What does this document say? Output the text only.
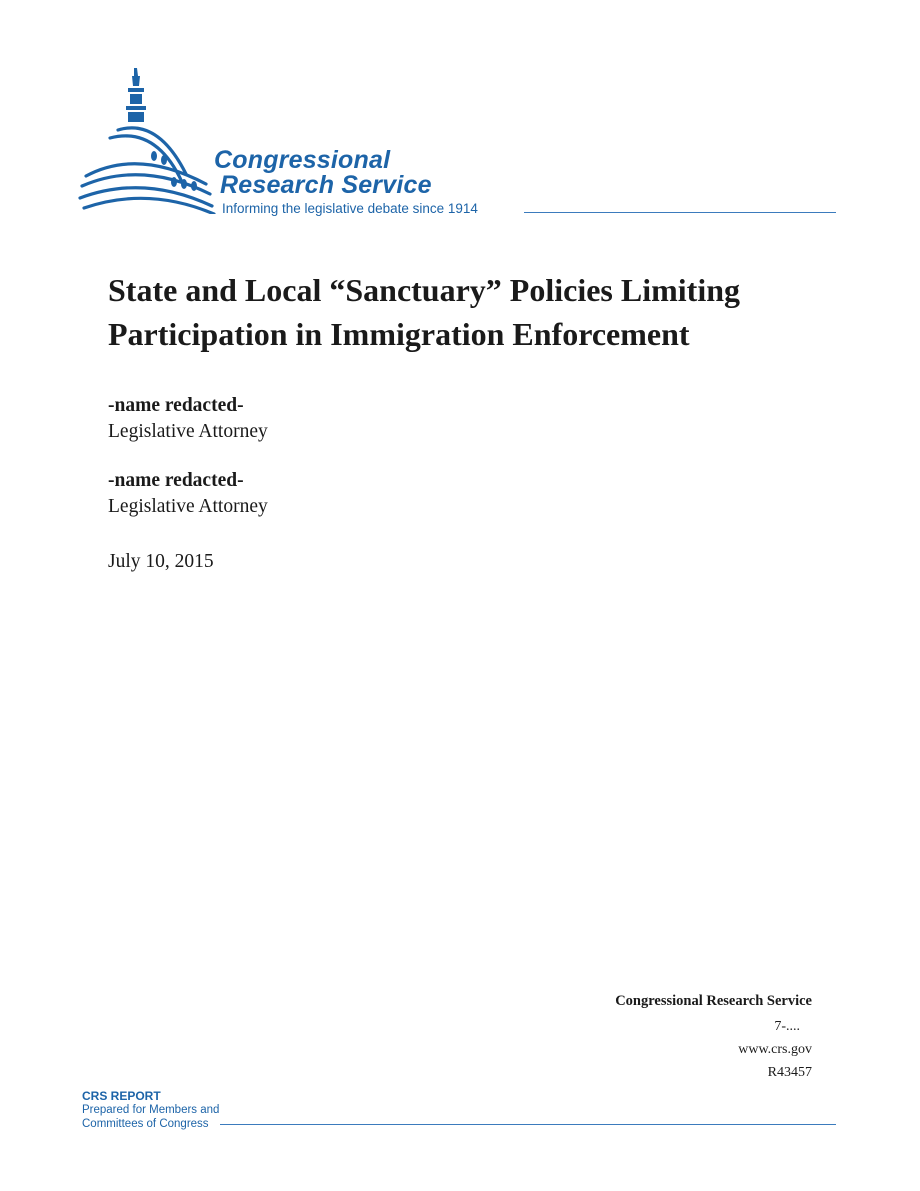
Congressional
Research Service
Informing the legislative debate since 1914
State and Local “Sanctuary” Policies Limiting Participation in Immigration Enforcement
-name redacted-
Legislative Attorney
-name redacted-
Legislative Attorney
July 10, 2015
Congressional Research Service
7-....
www.crs.gov
R43457
CRS REPORT
Prepared for Members and
Committees of Congress
